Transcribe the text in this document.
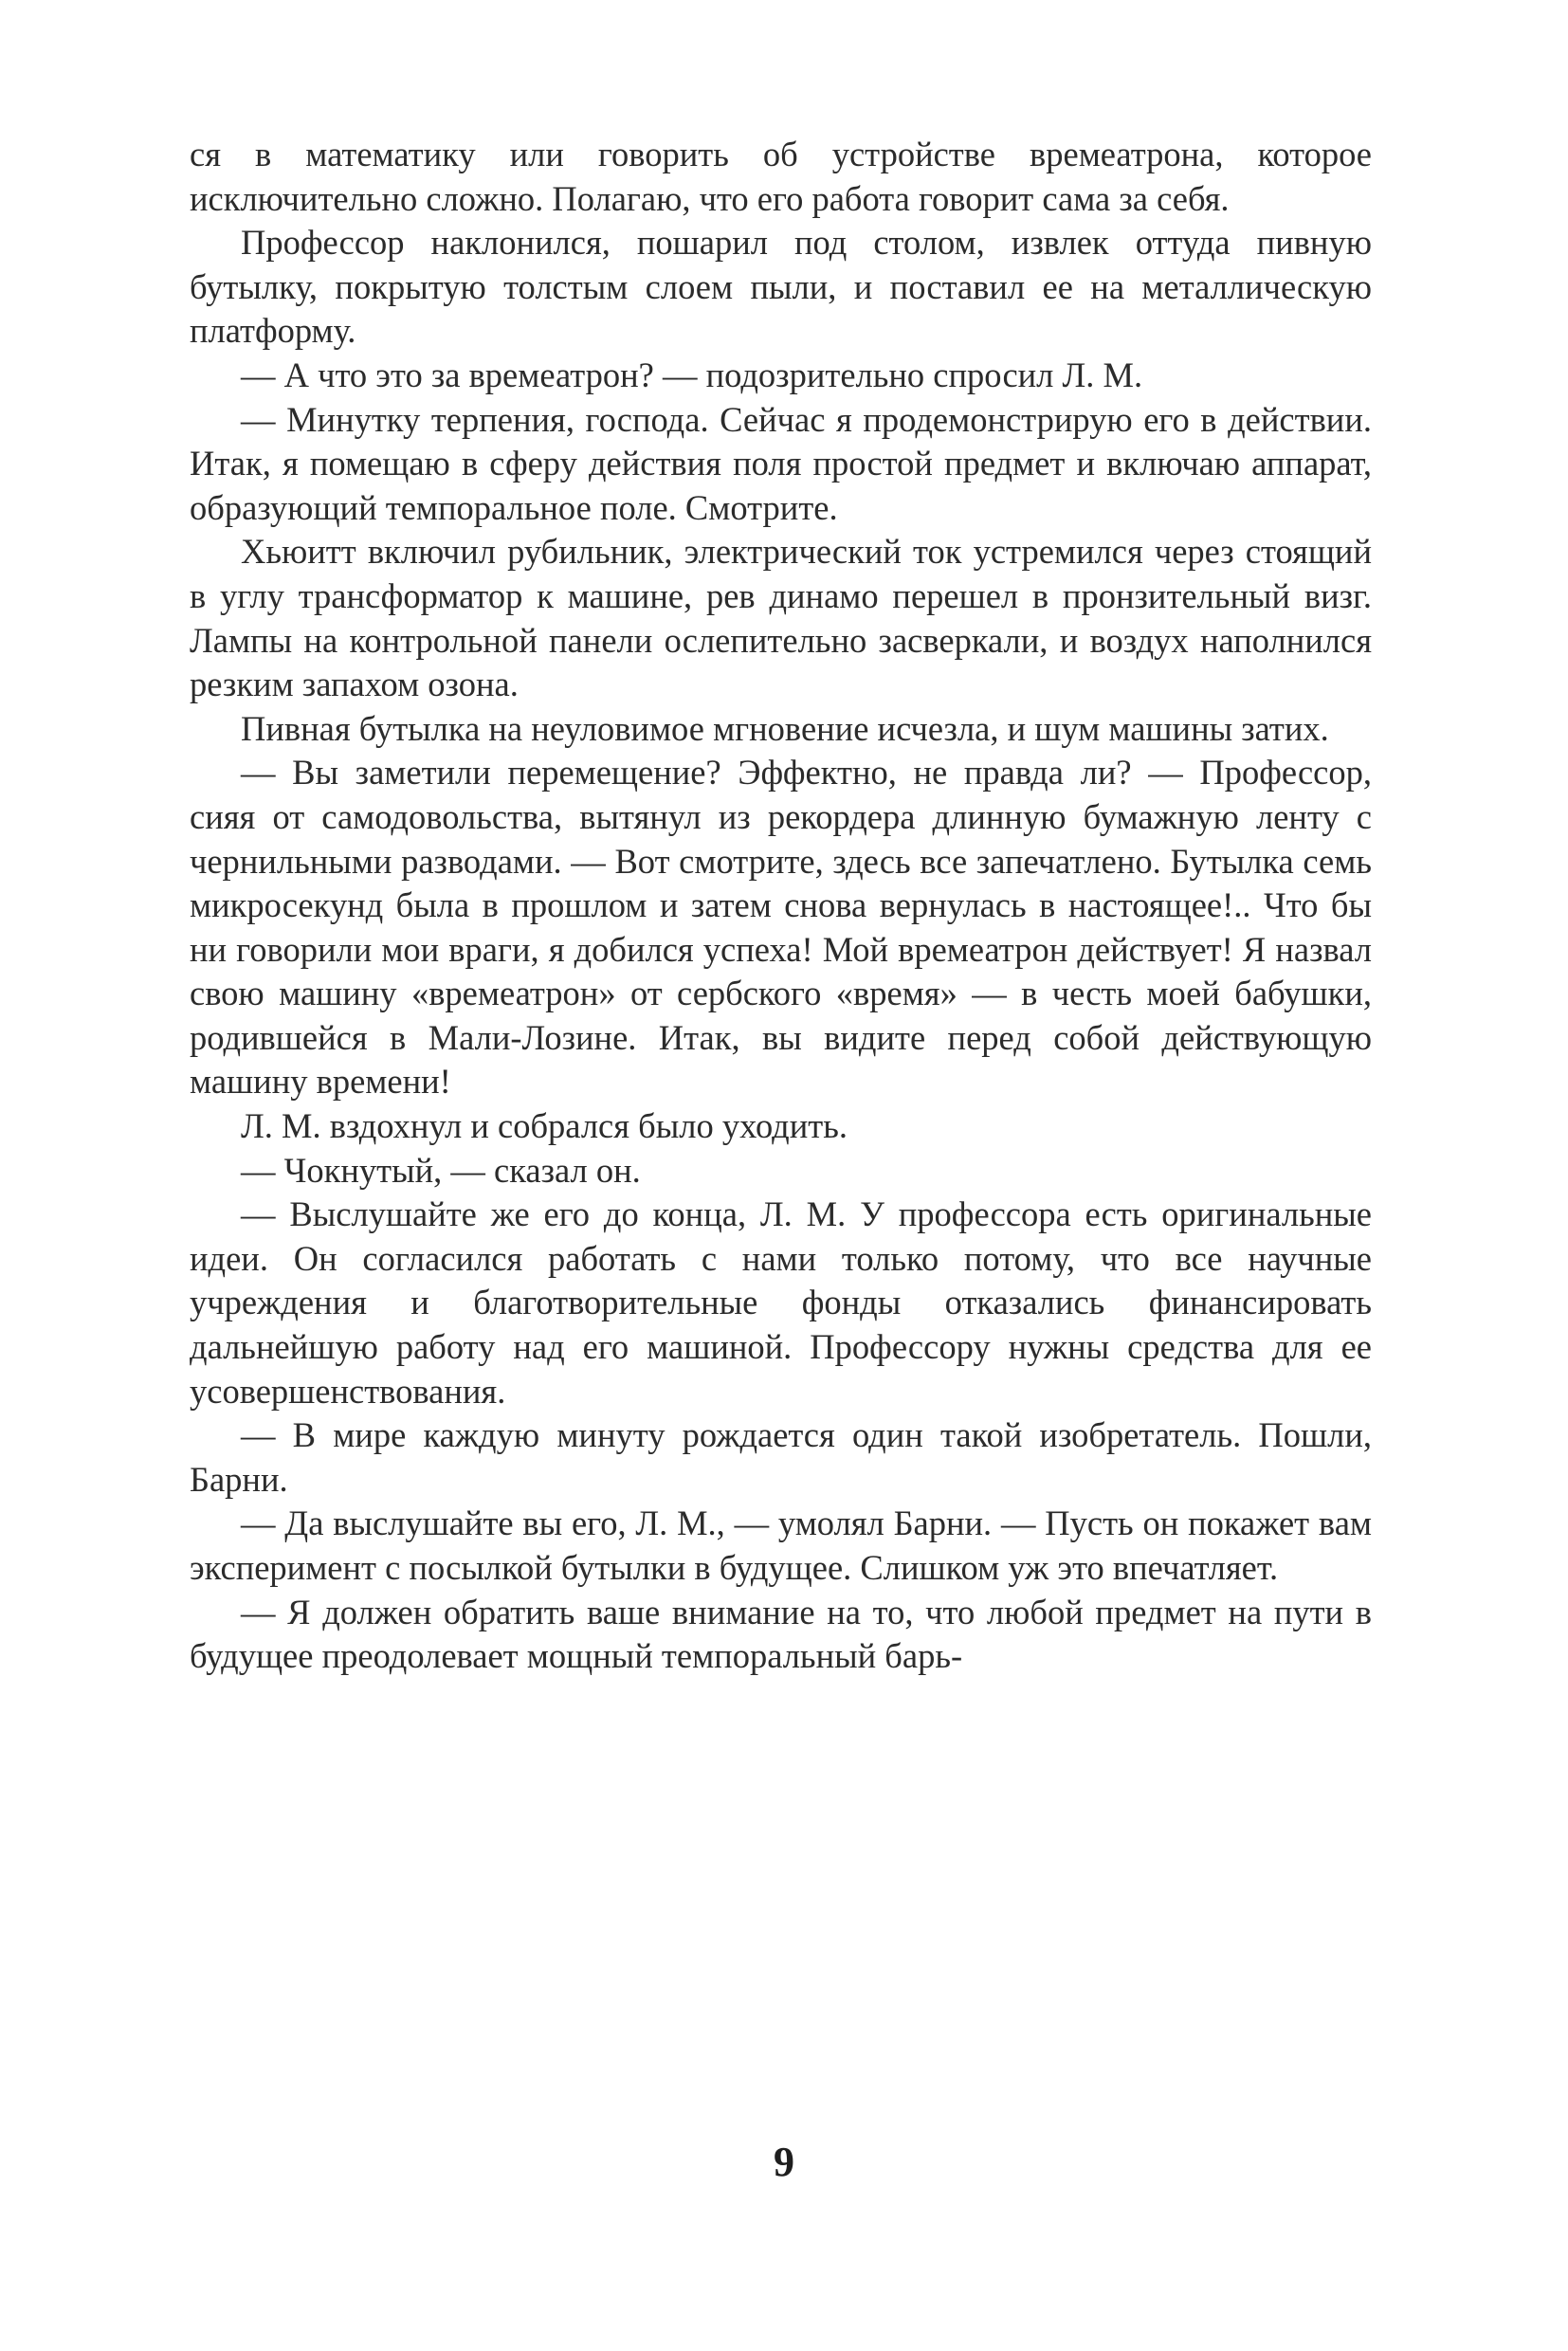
ся в математику или говорить об устройстве времеатрона, которое исключительно сложно. Полагаю, что его работа говорит сама за себя.

Профессор наклонился, пошарил под столом, извлек оттуда пивную бутылку, покрытую толстым слоем пыли, и поставил ее на металлическую платформу.

— А что это за времеатрон? — подозрительно спросил Л. М.

— Минутку терпения, господа. Сейчас я продемонстрирую его в действии. Итак, я помещаю в сферу действия поля простой предмет и включаю аппарат, образующий темпоральное поле. Смотрите.

Хьюитт включил рубильник, электрический ток устремился через стоящий в углу трансформатор к машине, рев динамо перешел в пронзительный визг. Лампы на контрольной панели ослепительно засверкали, и воздух наполнился резким запахом озона.

Пивная бутылка на неуловимое мгновение исчезла, и шум машины затих.

— Вы заметили перемещение? Эффектно, не правда ли? — Профессор, сияя от самодовольства, вытянул из рекордера длинную бумажную ленту с чернильными разводами. — Вот смотрите, здесь все запечатлено. Бутылка семь микросекунд была в прошлом и затем снова вернулась в настоящее!.. Что бы ни говорили мои враги, я добился успеха! Мой времеатрон действует! Я назвал свою машину «времеатрон» от сербского «время» — в честь моей бабушки, родившейся в Мали-Лозине. Итак, вы видите перед собой действующую машину времени!

Л. М. вздохнул и собрался было уходить.

— Чокнутый, — сказал он.

— Выслушайте же его до конца, Л. М. У профессора есть оригинальные идеи. Он согласился работать с нами только потому, что все научные учреждения и благотворительные фонды отказались финансировать дальнейшую работу над его машиной. Профессору нужны средства для ее усовершенствования.

— В мире каждую минуту рождается один такой изобретатель. Пошли, Барни.

— Да выслушайте вы его, Л. М., — умолял Барни. — Пусть он покажет вам эксперимент с посылкой бутылки в будущее. Слишком уж это впечатляет.

— Я должен обратить ваше внимание на то, что любой предмет на пути в будущее преодолевает мощный темпоральный барь-

9
